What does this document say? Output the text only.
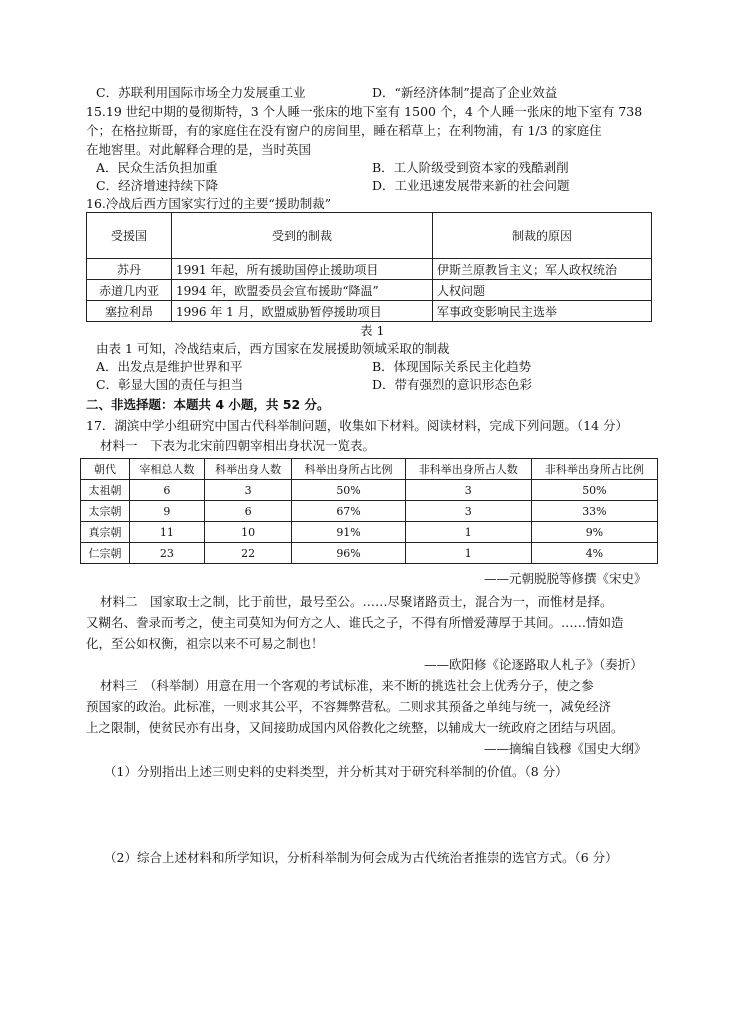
C．苏联利用国际市场全力发展重工业	D．“新经济体制”提高了企业效益
15.19 世纪中期的曼彻斯特，3 个人睡一张床的地下室有 1500 个，4 个人睡一张床的地下室有 738
个；在格拉斯哥，有的家庭住在没有窗户的房间里，睡在稻草上；在利物浦，有 1/3 的家庭住
在地窖里。对此解释合理的是，当时英国
A．民众生活负担加重	B．工人阶级受到资本家的残酷剥削
C．经济增速持续下降	D．工业迅速发展带来新的社会问题
16.冷战后西方国家实行过的主要“援助制裁”
受援国	受到的制裁	制裁的原因
苏丹	1991 年起，所有援助国停止援助项目	伊斯兰原教旨主义；军人政权统治
赤道几内亚	1994 年，欧盟委员会宣布援助“降温”	人权问题
塞拉利昂	1996 年 1 月，欧盟威胁暂停援助项目	军事政变影响民主选举
表 1
由表 1 可知，冷战结束后，西方国家在发展援助领域采取的制裁
A．出发点是维护世界和平	B．体现国际关系民主化趋势
C．彰显大国的责任与担当	D．带有强烈的意识形态色彩
二、非选择题：本题共 4 小题，共 52 分。
17．湖滨中学小组研究中国古代科举制问题，收集如下材料。阅读材料，完成下列问题。（14 分）
材料一　下表为北宋前四朝宰相出身状况一览表。
朝代	宰相总人数	科举出身人数	科举出身所占比例	非科举出身所占人数	非科举出身所占比例
太祖朝	6	3	50%	3	50%
太宗朝	9	6	67%	3	33%
真宗朝	11	10	91%	1	9%
仁宗朝	23	22	96%	1	4%
——元朝脱脱等修撰《宋史》
材料二　国家取士之制，比于前世，最号至公。……尽聚诸路贡士，混合为一，而惟材是择。
又糊名、誊录而考之，使主司莫知为何方之人、谁氏之子，不得有所憎爱薄厚于其间。……情如造
化，至公如权衡，祖宗以来不可易之制也！
——欧阳修《论逐路取人札子》（奏折）
材料三　（科举制）用意在用一个客观的考试标准，来不断的挑选社会上优秀分子，使之参
预国家的政治。此标准，一则求其公平，不容舞弊营私。二则求其预备之单纯与统一，减免经济
上之限制，使贫民亦有出身，又间接助成国内风俗教化之统整，以辅成大一统政府之团结与巩固。
——摘编自钱穆《国史大纲》
（1）分别指出上述三则史料的史料类型，并分析其对于研究科举制的价值。（8 分）
（2）综合上述材料和所学知识，分析科举制为何会成为古代统治者推崇的选官方式。（6 分）
